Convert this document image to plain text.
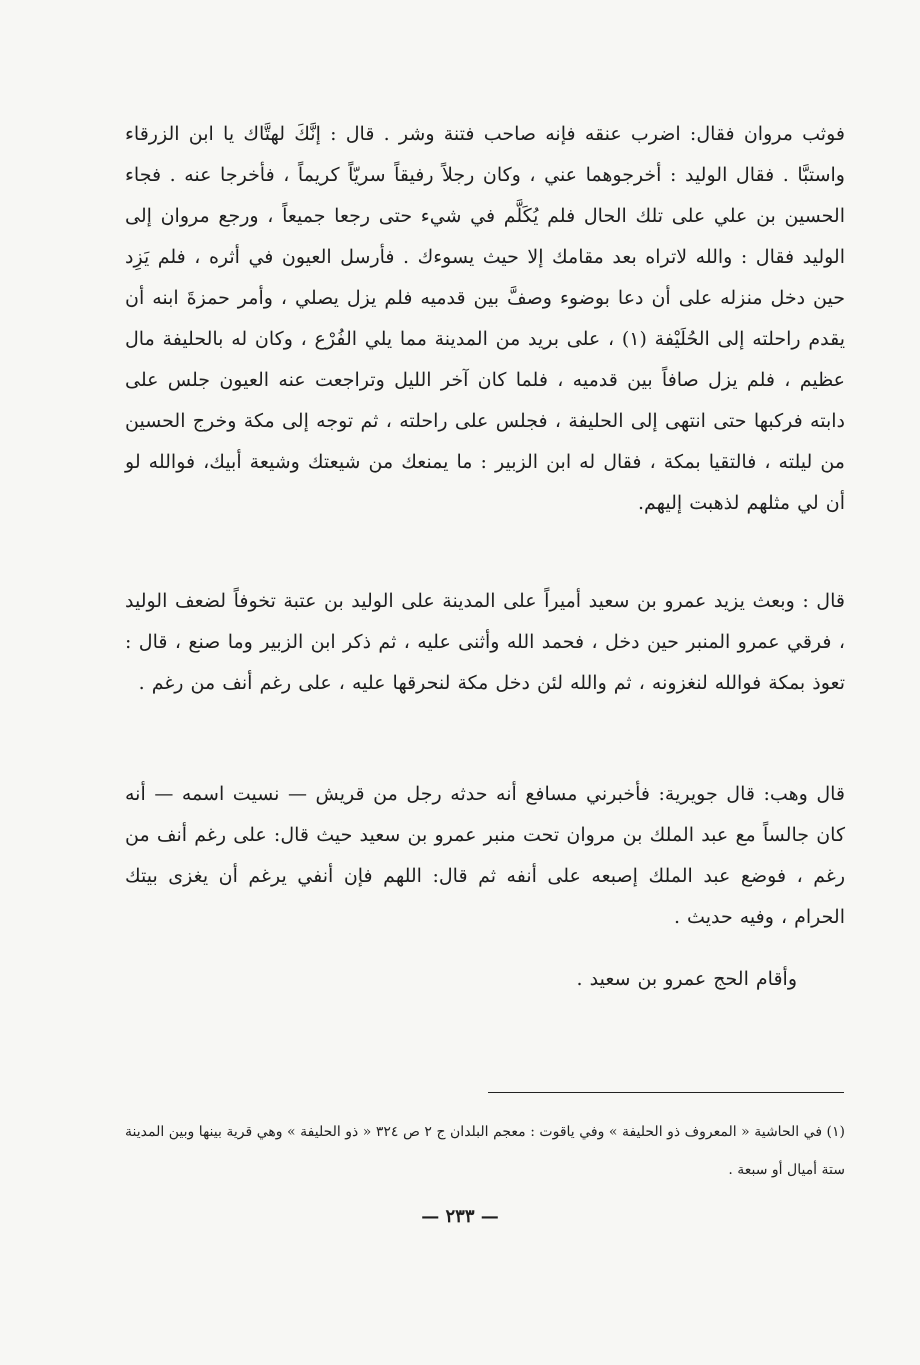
فوثب مروان فقال: اضرب عنقه فإنه صاحب فتنة وشر . قال : إنَّكَ لهتَّاك يا ابن الزرقاء واستبَّا . فقال الوليد : أخرجوهما عني ، وكان رجلاً رفيقاً سريّاً كريماً ، فأخرجا عنه . فجاء الحسين بن علي على تلك الحال فلم يُكَلَّم في شيء حتى رجعا جميعاً ، ورجع مروان إلى الوليد فقال : والله لاتراه بعد مقامك إلا حيث يسوءك . فأرسل العيون في أثره ، فلم يَزِد حين دخل منزله على أن دعا بوضوء وصفَّ بين قدميه فلم يزل يصلي ، وأمر حمزةَ ابنه أن يقدم راحلته إلى الحُلَيْفة (١) ، على بريد من المدينة مما يلي الفُرْع ، وكان له بالحليفة مال عظيم ، فلم يزل صافاً بين قدميه ، فلما كان آخر الليل وتراجعت عنه العيون جلس على دابته فركبها حتى انتهى إلى الحليفة ، فجلس على راحلته ، ثم توجه إلى مكة وخرج الحسين من ليلته ، فالتقيا بمكة ، فقال له ابن الزبير : ما يمنعك من شيعتك وشيعة أبيك، فوالله لو أن لي مثلهم لذهبت إليهم.

قال : وبعث يزيد عمرو بن سعيد أميراً على المدينة على الوليد بن عتبة تخوفاً لضعف الوليد ، فرقي عمرو المنبر حين دخل ، فحمد الله وأثنى عليه ، ثم ذكر ابن الزبير وما صنع ، قال : تعوذ بمكة فوالله لنغزونه ، ثم والله لئن دخل مكة لنحرقها عليه ، على رغم أنف من رغم .

قال وهب: قال جويرية: فأخبرني مسافع أنه حدثه رجل من قريش — نسيت اسمه — أنه كان جالساً مع عبد الملك بن مروان تحت منبر عمرو بن سعيد حيث قال: على رغم أنف من رغم ، فوضع عبد الملك إصبعه على أنفه ثم قال: اللهم فإن أنفي يرغم أن يغزى بيتك الحرام ، وفيه حديث .

وأقام الحج عمرو بن سعيد .

(١) في الحاشية « المعروف ذو الحليفة » وفي ياقوت : معجم البلدان ج ٢ ص ٣٢٤ « ذو الحليفة » وهي قرية بينها وبين المدينة ستة أميال أو سبعة .

— ٢٣٣ —
